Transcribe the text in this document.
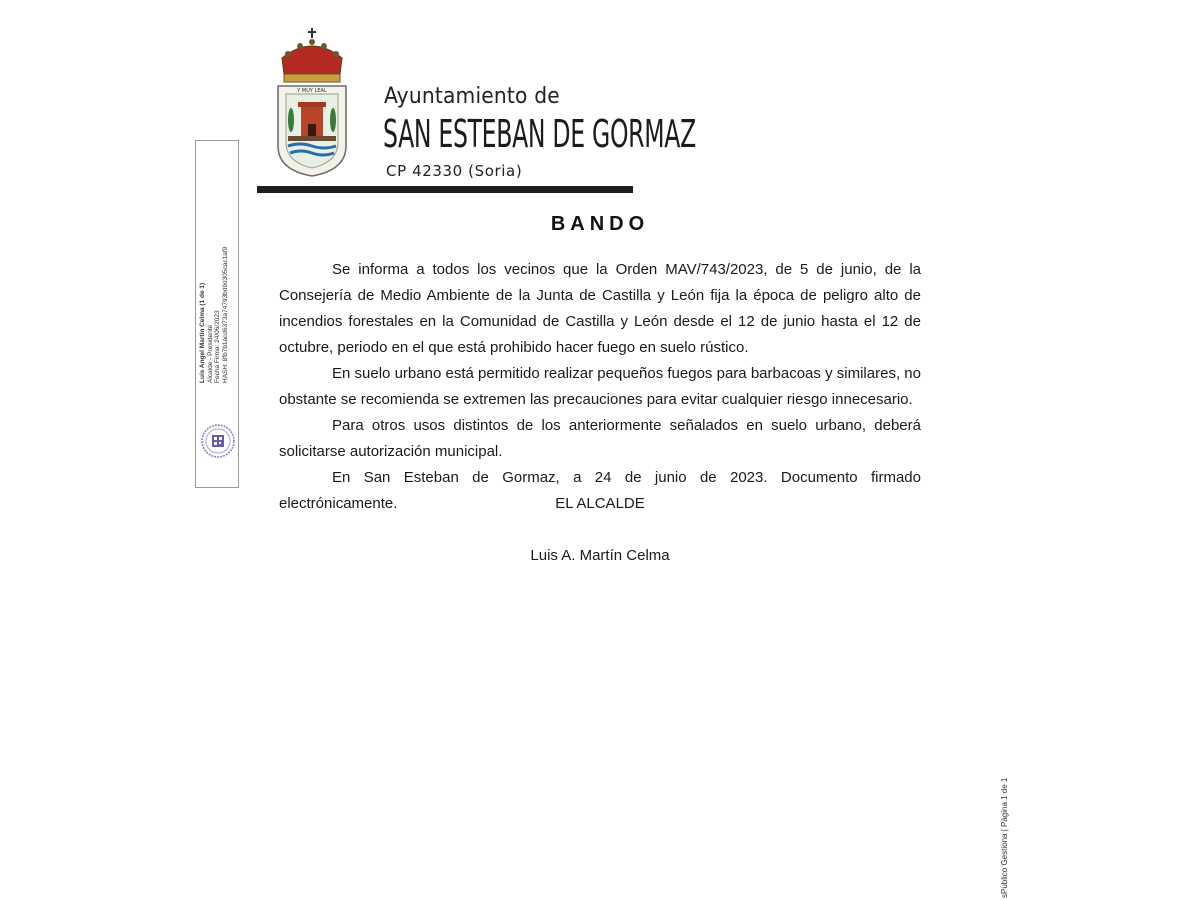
Y MUY LEAL	Ayuntamiento de
SAN ESTEBAN DE GORMAZ
CP 42330 (Soria)
BANDO

Se informa a todos los vecinos que la Orden MAV/743/2023, de 5 de junio, de la Consejería de Medio Ambiente de la Junta de Castilla y León fija la época de peligro alto de incendios forestales en la Comunidad de Castilla y León desde el 12 de junio hasta el 12 de octubre, periodo en el que está prohibido hacer fuego en suelo rústico.

En suelo urbano está permitido realizar pequeños fuegos para barbacoas y similares, no obstante se recomienda se extremen las precauciones para evitar cualquier riesgo innecesario.

Para otros usos distintos de los anteriormente señalados en suelo urbano, deberá solicitarse autorización municipal.

En San Esteban de Gormaz, a 24 de junio de 2023. Documento firmado electrónicamente.	EL ALCALDE
Luis A. Martín Celma
Luis Angel Martin Celma (1 de 1) Alcalde - Presidente Fecha Firma: 24/06/2023 HASH: 8fb7b1acd6373a74793bd9d305cac1af9
sPublico Gestiona | Página 1 de 1
